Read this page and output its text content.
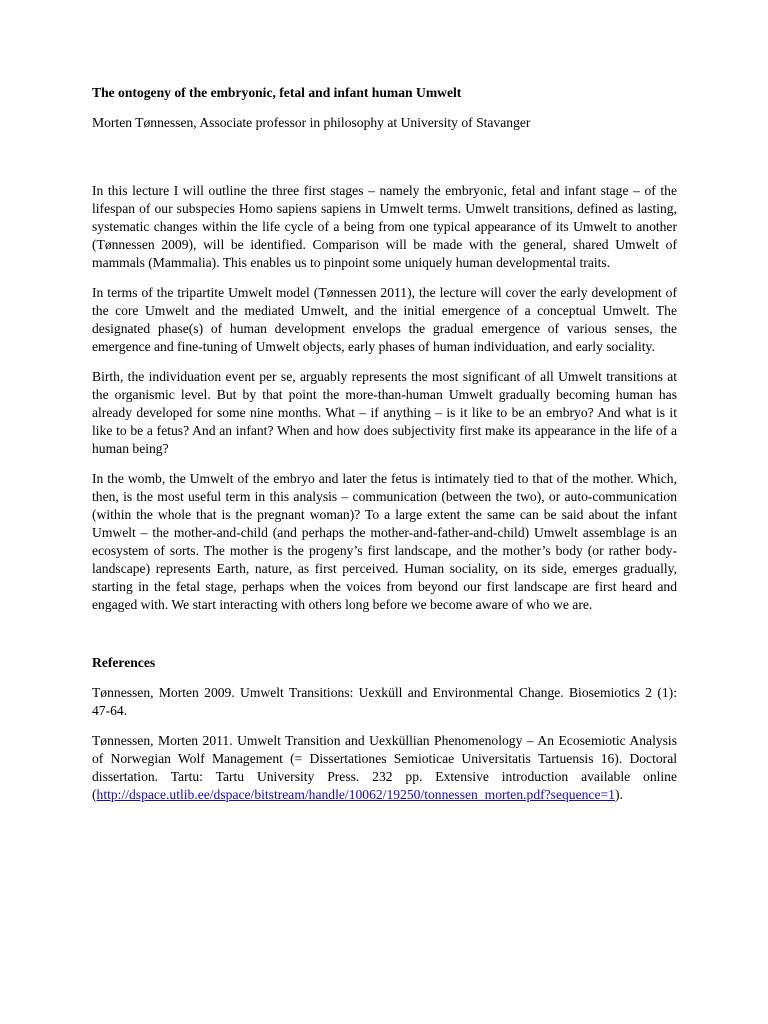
The ontogeny of the embryonic, fetal and infant human Umwelt
Morten Tønnessen, Associate professor in philosophy at University of Stavanger

In this lecture I will outline the three first stages – namely the embryonic, fetal and infant stage – of the lifespan of our subspecies Homo sapiens sapiens in Umwelt terms. Umwelt transitions, defined as lasting, systematic changes within the life cycle of a being from one typical appearance of its Umwelt to another (Tønnessen 2009), will be identified. Comparison will be made with the general, shared Umwelt of mammals (Mammalia). This enables us to pinpoint some uniquely human developmental traits.

In terms of the tripartite Umwelt model (Tønnessen 2011), the lecture will cover the early development of the core Umwelt and the mediated Umwelt, and the initial emergence of a conceptual Umwelt. The designated phase(s) of human development envelops the gradual emergence of various senses, the emergence and fine-tuning of Umwelt objects, early phases of human individuation, and early sociality.

Birth, the individuation event per se, arguably represents the most significant of all Umwelt transitions at the organismic level. But by that point the more-than-human Umwelt gradually becoming human has already developed for some nine months. What – if anything – is it like to be an embryo? And what is it like to be a fetus? And an infant? When and how does subjectivity first make its appearance in the life of a human being?

In the womb, the Umwelt of the embryo and later the fetus is intimately tied to that of the mother. Which, then, is the most useful term in this analysis – communication (between the two), or auto-communication (within the whole that is the pregnant woman)? To a large extent the same can be said about the infant Umwelt – the mother-and-child (and perhaps the mother-and-father-and-child) Umwelt assemblage is an ecosystem of sorts. The mother is the progeny’s first landscape, and the mother’s body (or rather body-landscape) represents Earth, nature, as first perceived. Human sociality, on its side, emerges gradually, starting in the fetal stage, perhaps when the voices from beyond our first landscape are first heard and engaged with. We start interacting with others long before we become aware of who we are.

References

Tønnessen, Morten 2009. Umwelt Transitions: Uexküll and Environmental Change. Biosemiotics 2 (1): 47-64.

Tønnessen, Morten 2011. Umwelt Transition and Uexküllian Phenomenology – An Ecosemiotic Analysis of Norwegian Wolf Management (= Dissertationes Semioticae Universitatis Tartuensis 16). Doctoral dissertation. Tartu: Tartu University Press. 232 pp. Extensive introduction available online (http://dspace.utlib.ee/dspace/bitstream/handle/10062/19250/tonnessen_morten.pdf?sequence=1).
